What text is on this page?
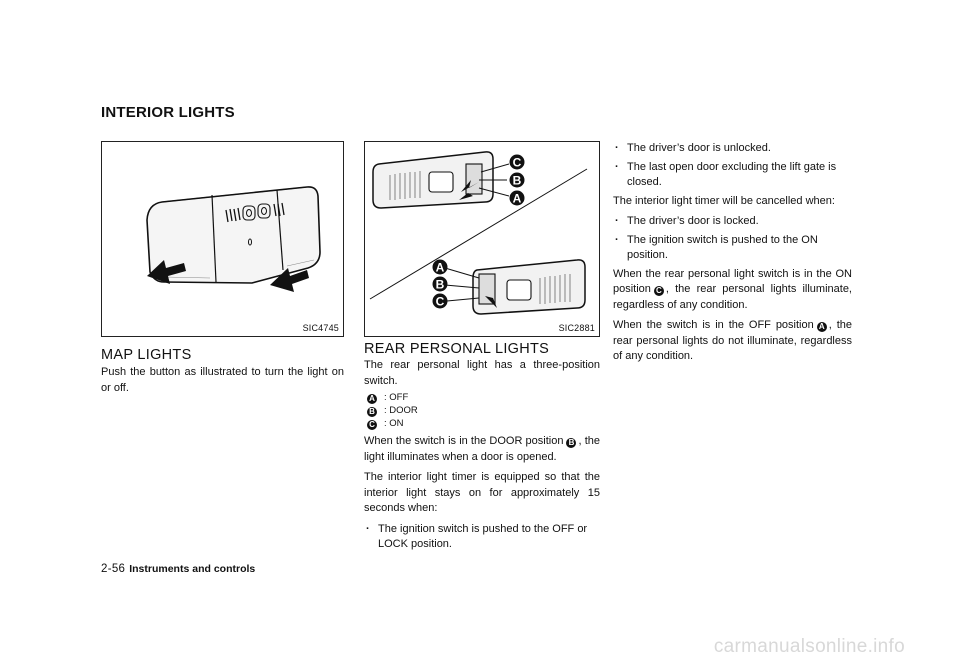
INTERIOR LIGHTS
SIC4745
MAP LIGHTS

Push the button as illustrated to turn the light on or off.

C
B
A
A
B
C
SIC2881
REAR PERSONAL LIGHTS

The rear personal light has a three-position switch.

A : OFF
B : DOOR
C : ON

When the switch is in the DOOR position B , the light illuminates when a door is opened.

The interior light timer is equipped so that the interior light stays on for approximately 15 seconds when:

. The ignition switch is pushed to the OFF or LOCK position.
. The driver’s door is unlocked.
. The last open door excluding the lift gate is closed.

The interior light timer will be cancelled when:

. The driver’s door is locked.
. The ignition switch is pushed to the ON position.

When the rear personal light switch is in the ON position C , the rear personal lights illuminate, regardless of any condition.

When the switch is in the OFF position A , the rear personal lights do not illuminate, regardless of any condition.

2-56 Instruments and controls
carmanualsonline.info
